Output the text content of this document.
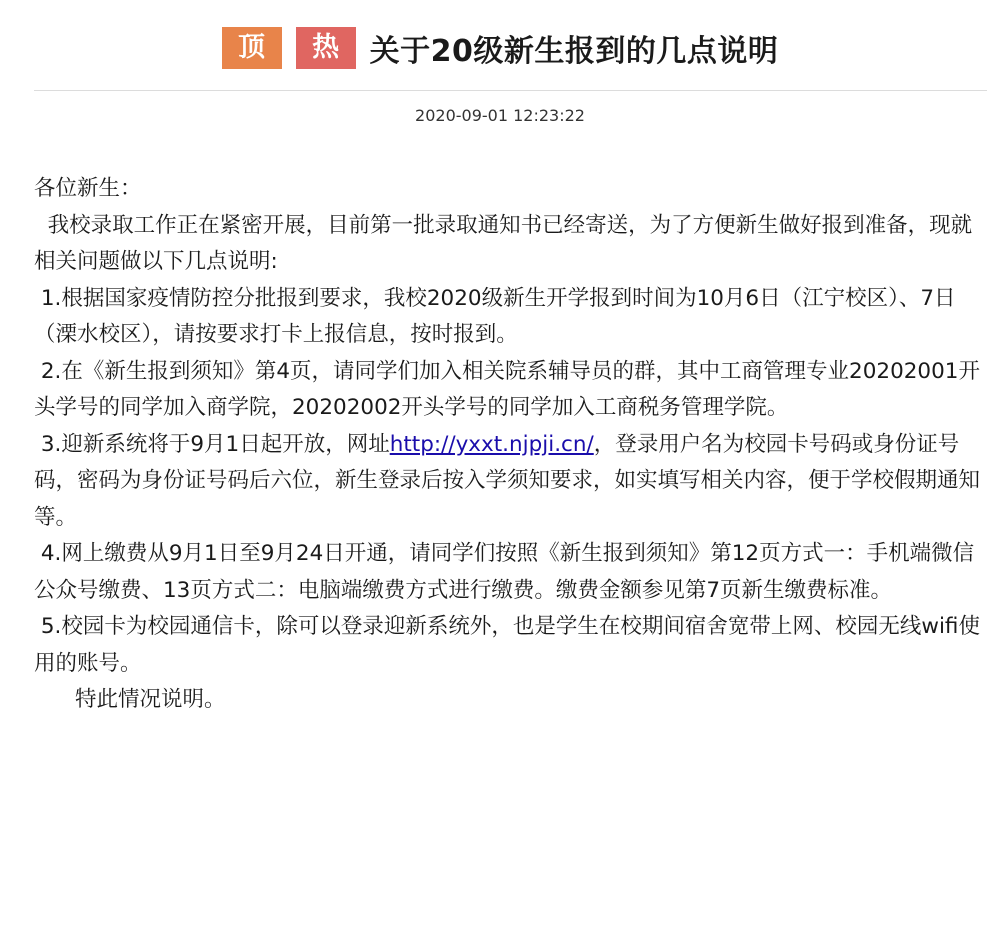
顶	热	关于20级新生报到的几点说明
2020-09-01 12:23:22

各位新生：

我校录取工作正在紧密开展，目前第一批录取通知书已经寄送，为了方便新生做好报到准备，现就相关问题做以下几点说明:

1.根据国家疫情防控分批报到要求，我校2020级新生开学报到时间为10月6日（江宁校区）、7日（溧水校区），请按要求打卡上报信息，按时报到。

2.在《新生报到须知》第4页，请同学们加入相关院系辅导员的群，其中工商管理专业20202001开头学号的同学加入商学院，20202002开头学号的同学加入工商税务管理学院。

3.迎新系统将于9月1日起开放，网址http://yxxt.njpji.cn/，登录用户名为校园卡号码或身份证号码，密码为身份证号码后六位，新生登录后按入学须知要求，如实填写相关内容，便于学校假期通知等。

4.网上缴费从9月1日至9月24日开通，请同学们按照《新生报到须知》第12页方式一：手机端微信公众号缴费、13页方式二：电脑端缴费方式进行缴费。缴费金额参见第7页新生缴费标准。

5.校园卡为校园通信卡，除可以登录迎新系统外，也是学生在校期间宿舍宽带上网、校园无线wifi使用的账号。

特此情况说明。
